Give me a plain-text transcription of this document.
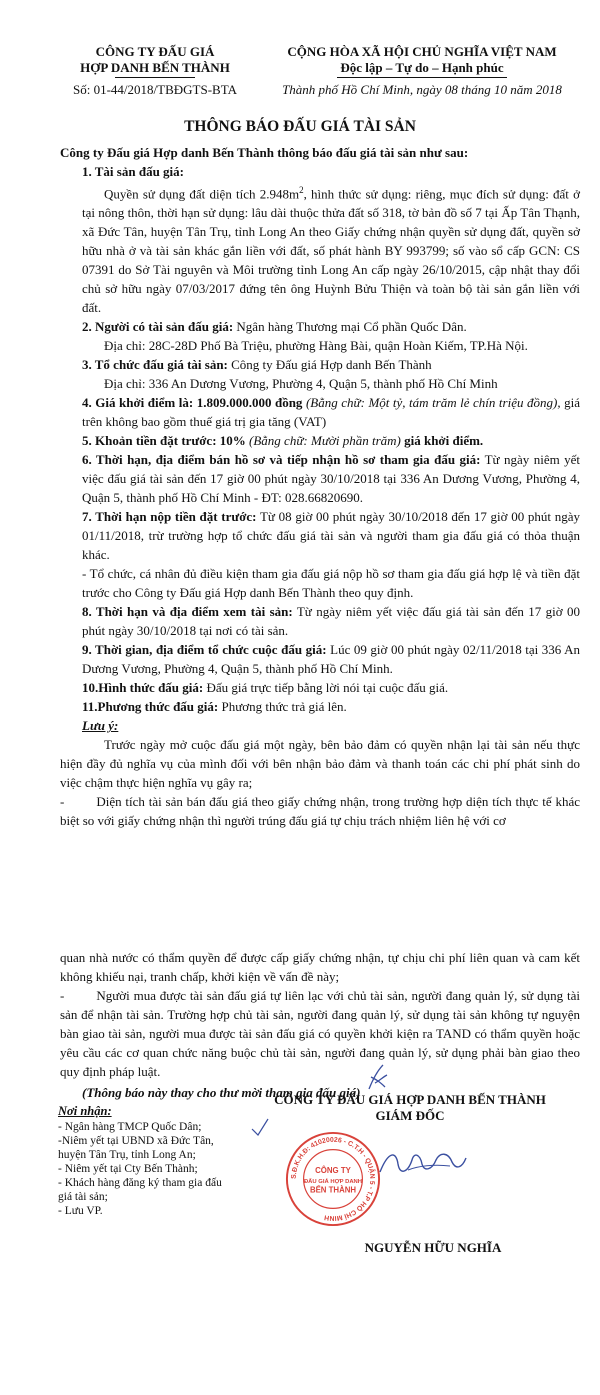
CÔNG TY ĐẤU GIÁ
HỢP DANH BẾN THÀNH
Số: 01-44/2018/TBĐGTS-BTA
CỘNG HÒA XÃ HỘI CHỦ NGHĨA VIỆT NAM
Độc lập – Tự do – Hạnh phúc
Thành phố Hồ Chí Minh, ngày 08 tháng 10 năm 2018
THÔNG BÁO ĐẤU GIÁ TÀI SẢN

Công ty Đấu giá Hợp danh Bến Thành thông báo đấu giá tài sản như sau:

1. Tài sản đấu giá:

Quyền sử dụng đất diện tích $2.948m^2$, hình thức sử dụng: riêng, mục đích sử dụng: đất ở tại nông thôn, thời hạn sử dụng: lâu dài thuộc thửa đất số 318, tờ bản đồ số 7 tại Ấp Tân Thạnh, xã Đức Tân, huyện Tân Trụ, tỉnh Long An theo Giấy chứng nhận quyền sử dụng đất, quyền sở hữu nhà ở và tài sản khác gắn liền với đất, số phát hành BY 993799; số vào sổ cấp GCN: CS 07391 do Sở Tài nguyên và Môi trường tỉnh Long An cấp ngày 26/10/2015, cập nhật thay đổi chủ sở hữu ngày 07/03/2017 đứng tên ông Huỳnh Bửu Thiện và toàn bộ tài sản gắn liền với đất.

2. Người có tài sản đấu giá: Ngân hàng Thương mại Cổ phần Quốc Dân.

Địa chỉ: 28C-28D Phố Bà Triệu, phường Hàng Bài, quận Hoàn Kiếm, TP.Hà Nội.

3. Tổ chức đấu giá tài sản: Công ty Đấu giá Hợp danh Bến Thành

Địa chỉ: 336 An Dương Vương, Phường 4, Quận 5, thành phố Hồ Chí Minh

4. Giá khởi điểm là: 1.809.000.000 đồng (Bằng chữ: Một tỷ, tám trăm lẻ chín triệu đồng), giá trên không bao gồm thuế giá trị gia tăng (VAT)

5. Khoản tiền đặt trước: 10% (Bằng chữ: Mười phần trăm) giá khởi điểm.

6. Thời hạn, địa điểm bán hồ sơ và tiếp nhận hồ sơ tham gia đấu giá: Từ ngày niêm yết việc đấu giá tài sản đến 17 giờ 00 phút ngày 30/10/2018 tại 336 An Dương Vương, Phường 4, Quận 5, thành phố Hồ Chí Minh - ĐT: 028.66820690.

7. Thời hạn nộp tiền đặt trước: Từ 08 giờ 00 phút ngày 30/10/2018 đến 17 giờ 00 phút ngày 01/11/2018, trừ trường hợp tổ chức đấu giá tài sản và người tham gia đấu giá có thỏa thuận khác.

- Tổ chức, cá nhân đủ điều kiện tham gia đấu giá nộp hồ sơ tham gia đấu giá hợp lệ và tiền đặt trước cho Công ty Đấu giá Hợp danh Bến Thành theo quy định.

8. Thời hạn và địa điểm xem tài sản: Từ ngày niêm yết việc đấu giá tài sản đến 17 giờ 00 phút ngày 30/10/2018 tại nơi có tài sản.

9. Thời gian, địa điểm tổ chức cuộc đấu giá: Lúc 09 giờ 00 phút ngày 02/11/2018 tại 336 An Dương Vương, Phường 4, Quận 5, thành phố Hồ Chí Minh.

10.Hình thức đấu giá: Đấu giá trực tiếp bằng lời nói tại cuộc đấu giá.

11.Phương thức đấu giá: Phương thức trả giá lên.

Lưu ý:

Trước ngày mở cuộc đấu giá một ngày, bên bảo đảm có quyền nhận lại tài sản nếu thực hiện đầy đủ nghĩa vụ của mình đối với bên nhận bảo đảm và thanh toán các chi phí phát sinh do việc chậm thực hiện nghĩa vụ gây ra;

- Diện tích tài sản bán đấu giá theo giấy chứng nhận, trong trường hợp diện tích thực tế khác biệt so với giấy chứng nhận thì người trúng đấu giá tự chịu trách nhiệm liên hệ với cơ

quan nhà nước có thẩm quyền để được cấp giấy chứng nhận, tự chịu chi phí liên quan và cam kết không khiếu nại, tranh chấp, khởi kiện về vấn đề này;

- Người mua được tài sản đấu giá tự liên lạc với chủ tài sản, người đang quản lý, sử dụng tài sản để nhận tài sản. Trường hợp chủ tài sản, người đang quản lý, sử dụng tài sản không tự nguyện bàn giao tài sản, người mua được tài sản đấu giá có quyền khởi kiện ra TAND có thẩm quyền hoặc yêu cầu các cơ quan chức năng buộc chủ tài sản, người đang quản lý, sử dụng phải bàn giao theo quy định pháp luật.

(Thông báo này thay cho thư mời tham gia đấu giá)

Nơi nhận:

- Ngân hàng TMCP Quốc Dân;

-Niêm yết tại UBND xã Đức Tân, huyện Tân Trụ, tỉnh Long An;

- Niêm yết tại Cty Bến Thành;

- Khách hàng đăng ký tham gia đấu giá tài sản;

- Lưu VP.

CÔNG TY ĐẤU GIÁ HỢP DANH BẾN THÀNH
GIÁM ĐỐC
S.Đ.K.H.Đ: 41020026 - C.T.H - QUẬN 5 - T.P HỒ CHÍ MINH
CÔNG TY
ĐẤU GIÁ HỢP DANH
BẾN THÀNH
NGUYỄN HỮU NGHĨA
